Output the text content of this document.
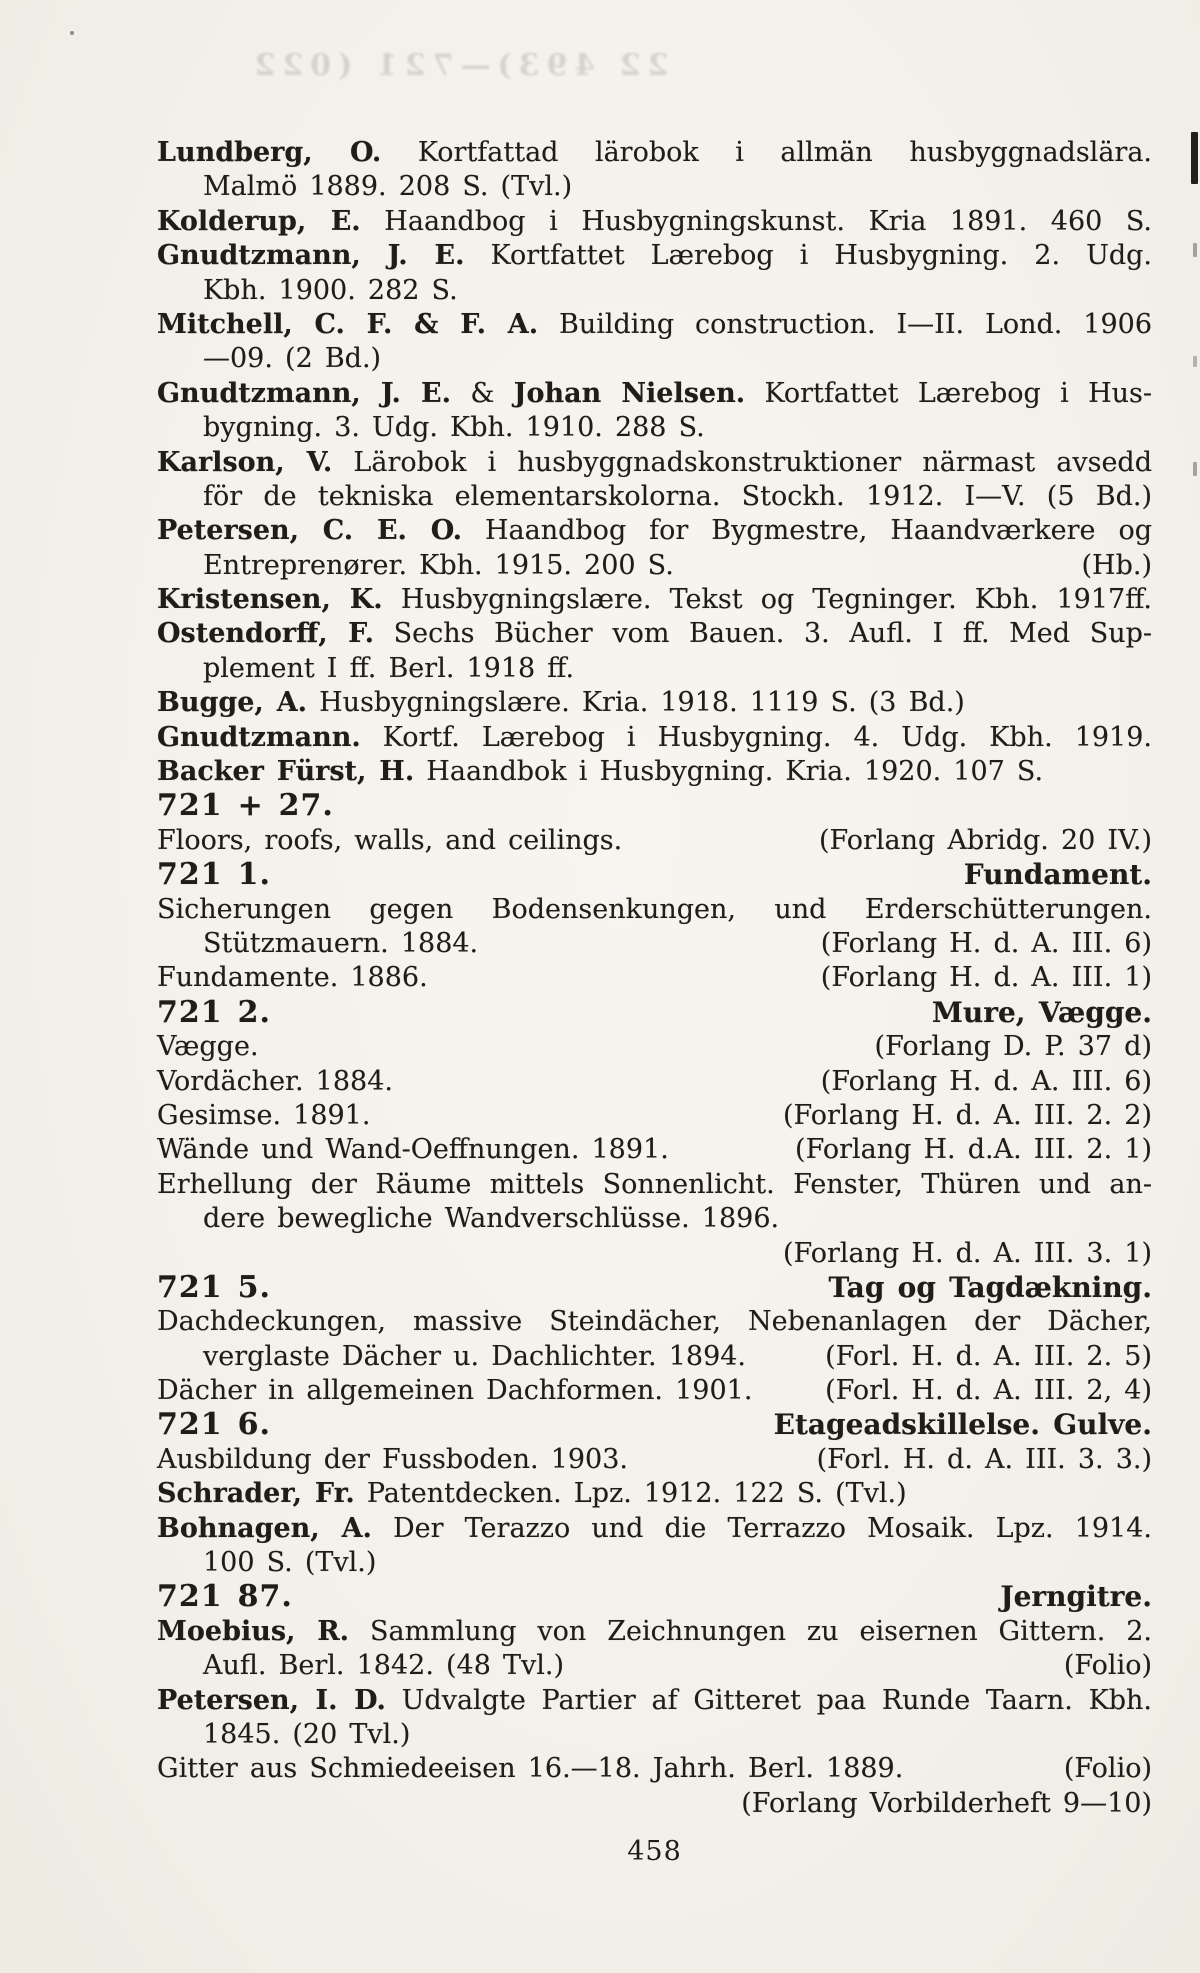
22 493)—721 (022
Lundberg, O. Kortfattad lärobok i allmän husbyggnadslära.
Malmö 1889. 208 S. (Tvl.)
Kolderup, E. Haandbog i Husbygningskunst. Kria 1891. 460 S.
Gnudtzmann, J. E. Kortfattet Lærebog i Husbygning. 2. Udg.
Kbh. 1900. 282 S.
Mitchell, C. F. & F. A. Building construction. I—II. Lond. 1906
—09. (2 Bd.)
Gnudtzmann, J. E. & Johan Nielsen. Kortfattet Lærebog i Hus-
bygning. 3. Udg. Kbh. 1910. 288 S.
Karlson, V. Lärobok i husbyggnadskonstruktioner närmast avsedd
för de tekniska elementarskolorna. Stockh. 1912. I—V. (5 Bd.)
Petersen, C. E. O. Haandbog for Bygmestre, Haandværkere og
Entreprenører. Kbh. 1915. 200 S.	(Hb.)
Kristensen, K. Husbygningslære. Tekst og Tegninger. Kbh. 1917ff.
Ostendorff, F. Sechs Bücher vom Bauen. 3. Aufl. I ff. Med Sup-
plement I ff. Berl. 1918 ff.
Bugge, A. Husbygningslære. Kria. 1918. 1119 S. (3 Bd.)
Gnudtzmann. Kortf. Lærebog i Husbygning. 4. Udg. Kbh. 1919.
Backer Fürst, H. Haandbok i Husbygning. Kria. 1920. 107 S.
721 + 27.
Floors, roofs, walls, and ceilings.	(Forlang Abridg. 20 IV.)
721 1.	Fundament.
Sicherungen gegen Bodensenkungen, und Erderschütterungen.
Stützmauern. 1884.	(Forlang H. d. A. III. 6)
Fundamente. 1886.	(Forlang H. d. A. III. 1)
721 2.	Mure, Vægge.
Vægge.	(Forlang D. P. 37 d)
Vordächer. 1884.	(Forlang H. d. A. III. 6)
Gesimse. 1891.	(Forlang H. d. A. III. 2. 2)
Wände und Wand-Oeffnungen. 1891.	(Forlang H. d.A. III. 2. 1)
Erhellung der Räume mittels Sonnenlicht. Fenster, Thüren und an-
dere bewegliche Wandverschlüsse. 1896.
(Forlang H. d. A. III. 3. 1)
721 5.	Tag og Tagdækning.
Dachdeckungen, massive Steindächer, Nebenanlagen der Dächer,
verglaste Dächer u. Dachlichter. 1894.	(Forl. H. d. A. III. 2. 5)
Dächer in allgemeinen Dachformen. 1901.	(Forl. H. d. A. III. 2, 4)
721 6.	Etageadskillelse. Gulve.
Ausbildung der Fussboden. 1903.	(Forl. H. d. A. III. 3. 3.)
Schrader, Fr. Patentdecken. Lpz. 1912. 122 S. (Tvl.)
Bohnagen, A. Der Terazzo und die Terrazzo Mosaik. Lpz. 1914.
100 S. (Tvl.)
721 87.	Jerngitre.
Moebius, R. Sammlung von Zeichnungen zu eisernen Gittern. 2.
Aufl. Berl. 1842. (48 Tvl.)	(Folio)
Petersen, I. D. Udvalgte Partier af Gitteret paa Runde Taarn. Kbh.
1845. (20 Tvl.)
Gitter aus Schmiedeeisen 16.—18. Jahrh. Berl. 1889.	(Folio)
(Forlang Vorbilderheft 9—10)
458
